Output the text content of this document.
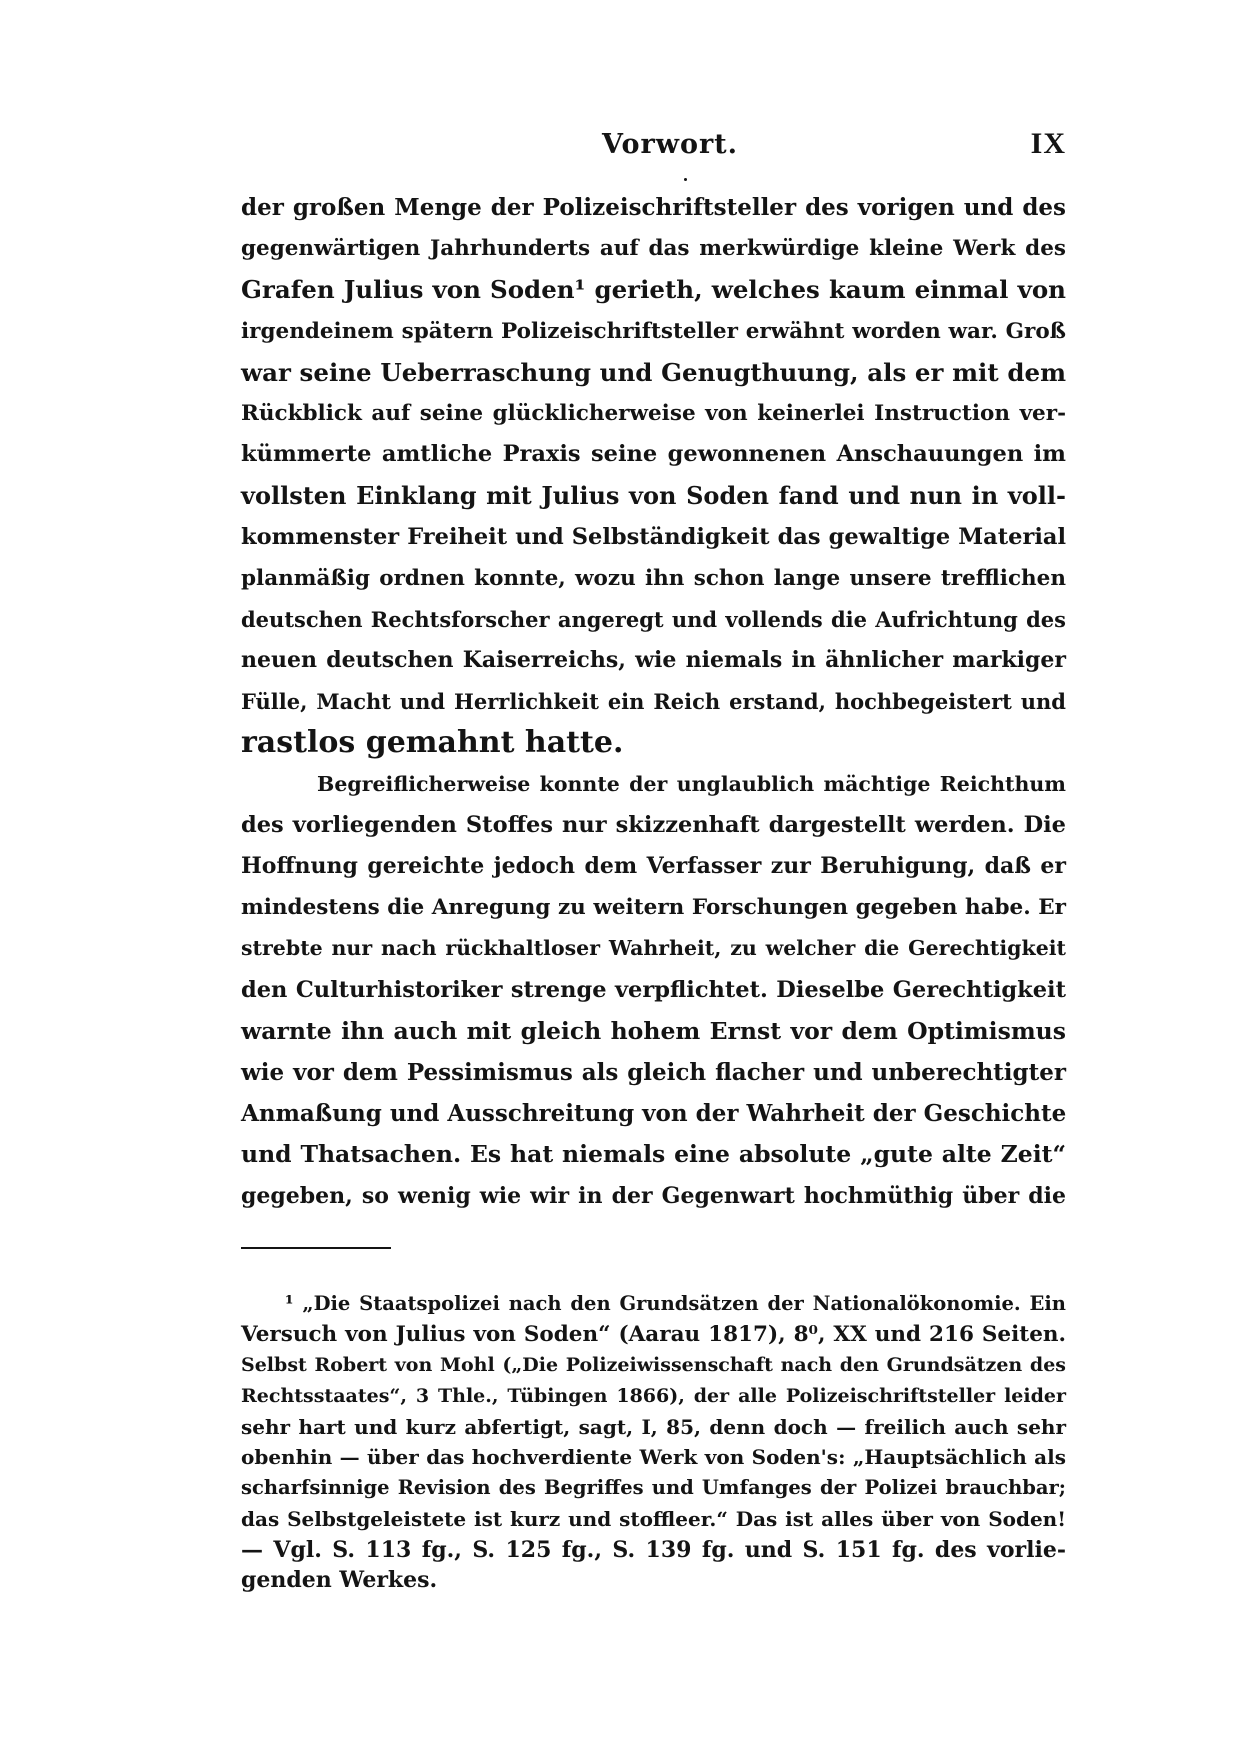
Vorwort.	IX
der großen Menge der Polizeischriftsteller des vorigen und des
gegenwärtigen Jahrhunderts auf das merkwürdige kleine Werk des
Grafen Julius von Soden¹ gerieth, welches kaum einmal von
irgendeinem spätern Polizeischriftsteller erwähnt worden war. Groß
war seine Ueberraschung und Genugthuung, als er mit dem
Rückblick auf seine glücklicherweise von keinerlei Instruction ver-
kümmerte amtliche Praxis seine gewonnenen Anschauungen im
vollsten Einklang mit Julius von Soden fand und nun in voll-
kommenster Freiheit und Selbständigkeit das gewaltige Material
planmäßig ordnen konnte, wozu ihn schon lange unsere trefflichen
deutschen Rechtsforscher angeregt und vollends die Aufrichtung des
neuen deutschen Kaiserreichs, wie niemals in ähnlicher markiger
Fülle, Macht und Herrlichkeit ein Reich erstand, hochbegeistert und
rastlos gemahnt hatte.
Begreiflicherweise konnte der unglaublich mächtige Reichthum
des vorliegenden Stoffes nur skizzenhaft dargestellt werden. Die
Hoffnung gereichte jedoch dem Verfasser zur Beruhigung, daß er
mindestens die Anregung zu weitern Forschungen gegeben habe. Er
strebte nur nach rückhaltloser Wahrheit, zu welcher die Gerechtigkeit
den Culturhistoriker strenge verpflichtet. Dieselbe Gerechtigkeit
warnte ihn auch mit gleich hohem Ernst vor dem Optimismus
wie vor dem Pessimismus als gleich flacher und unberechtigter
Anmaßung und Ausschreitung von der Wahrheit der Geschichte
und Thatsachen. Es hat niemals eine absolute „gute alte Zeit“
gegeben, so wenig wie wir in der Gegenwart hochmüthig über die
¹ „Die Staatspolizei nach den Grundsätzen der Nationalökonomie. Ein
Versuch von Julius von Soden“ (Aarau 1817), 8⁰, XX und 216 Seiten.
Selbst Robert von Mohl („Die Polizeiwissenschaft nach den Grundsätzen des
Rechtsstaates“, 3 Thle., Tübingen 1866), der alle Polizeischriftsteller leider
sehr hart und kurz abfertigt, sagt, I, 85, denn doch — freilich auch sehr
obenhin — über das hochverdiente Werk von Soden's: „Hauptsächlich als
scharfsinnige Revision des Begriffes und Umfanges der Polizei brauchbar;
das Selbstgeleistete ist kurz und stoffleer.“ Das ist alles über von Soden!
— Vgl. S. 113 fg., S. 125 fg., S. 139 fg. und S. 151 fg. des vorlie-
genden Werkes.
